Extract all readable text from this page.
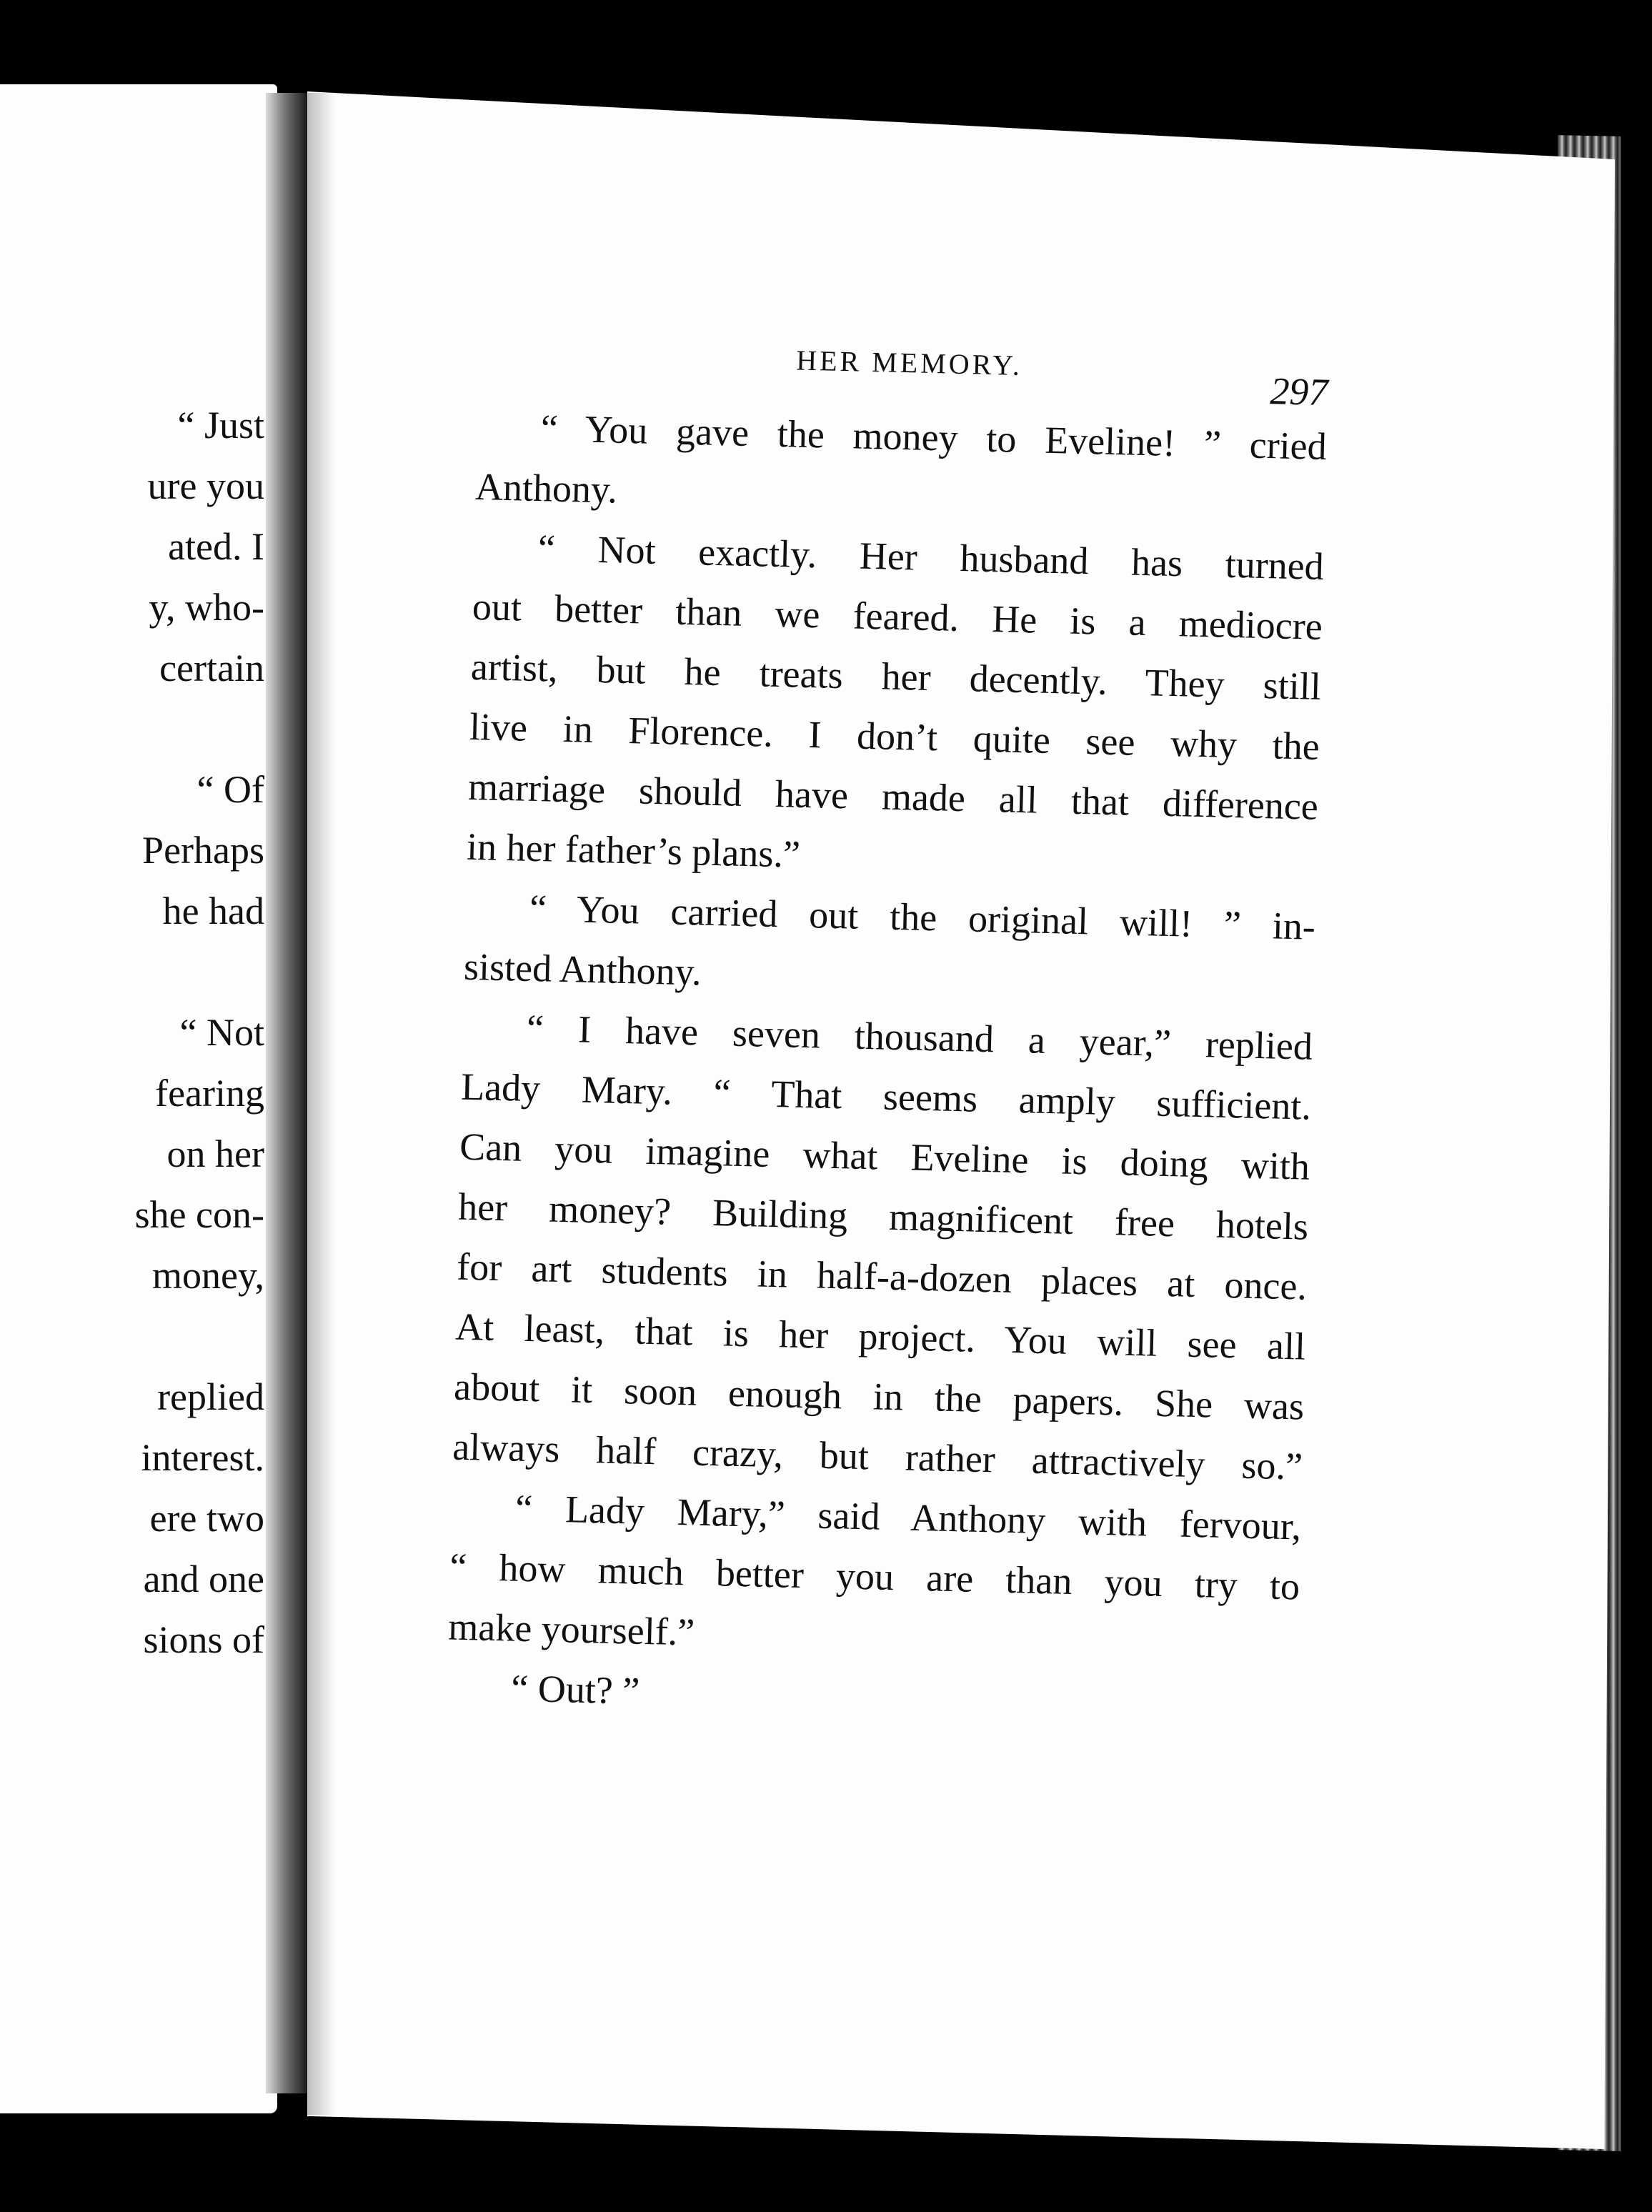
“ Just
ure you
ated. I
y, who-
certain
“ Of
Perhaps
he had
“ Not
fearing
on her
she con-
money,
replied
interest.
ere two
and one
sions of
HER MEMORY.
297
“ You gave the money to Eveline! ” cried
Anthony.
“ Not exactly. Her husband has turned
out better than we feared. He is a mediocre
artist, but he treats her decently. They still
live in Florence. I don’t quite see why the
marriage should have made all that difference
in her father’s plans.”
“ You carried out the original will! ” in-
sisted Anthony.
“ I have seven thousand a year,” replied
Lady Mary. “ That seems amply sufficient.
Can you imagine what Eveline is doing with
her money? Building magnificent free hotels
for art students in half-a-dozen places at once.
At least, that is her project. You will see all
about it soon enough in the papers. She was
always half crazy, but rather attractively so.”
“ Lady Mary,” said Anthony with fervour,
“ how much better you are than you try to
make yourself.”
“ Out? ”
